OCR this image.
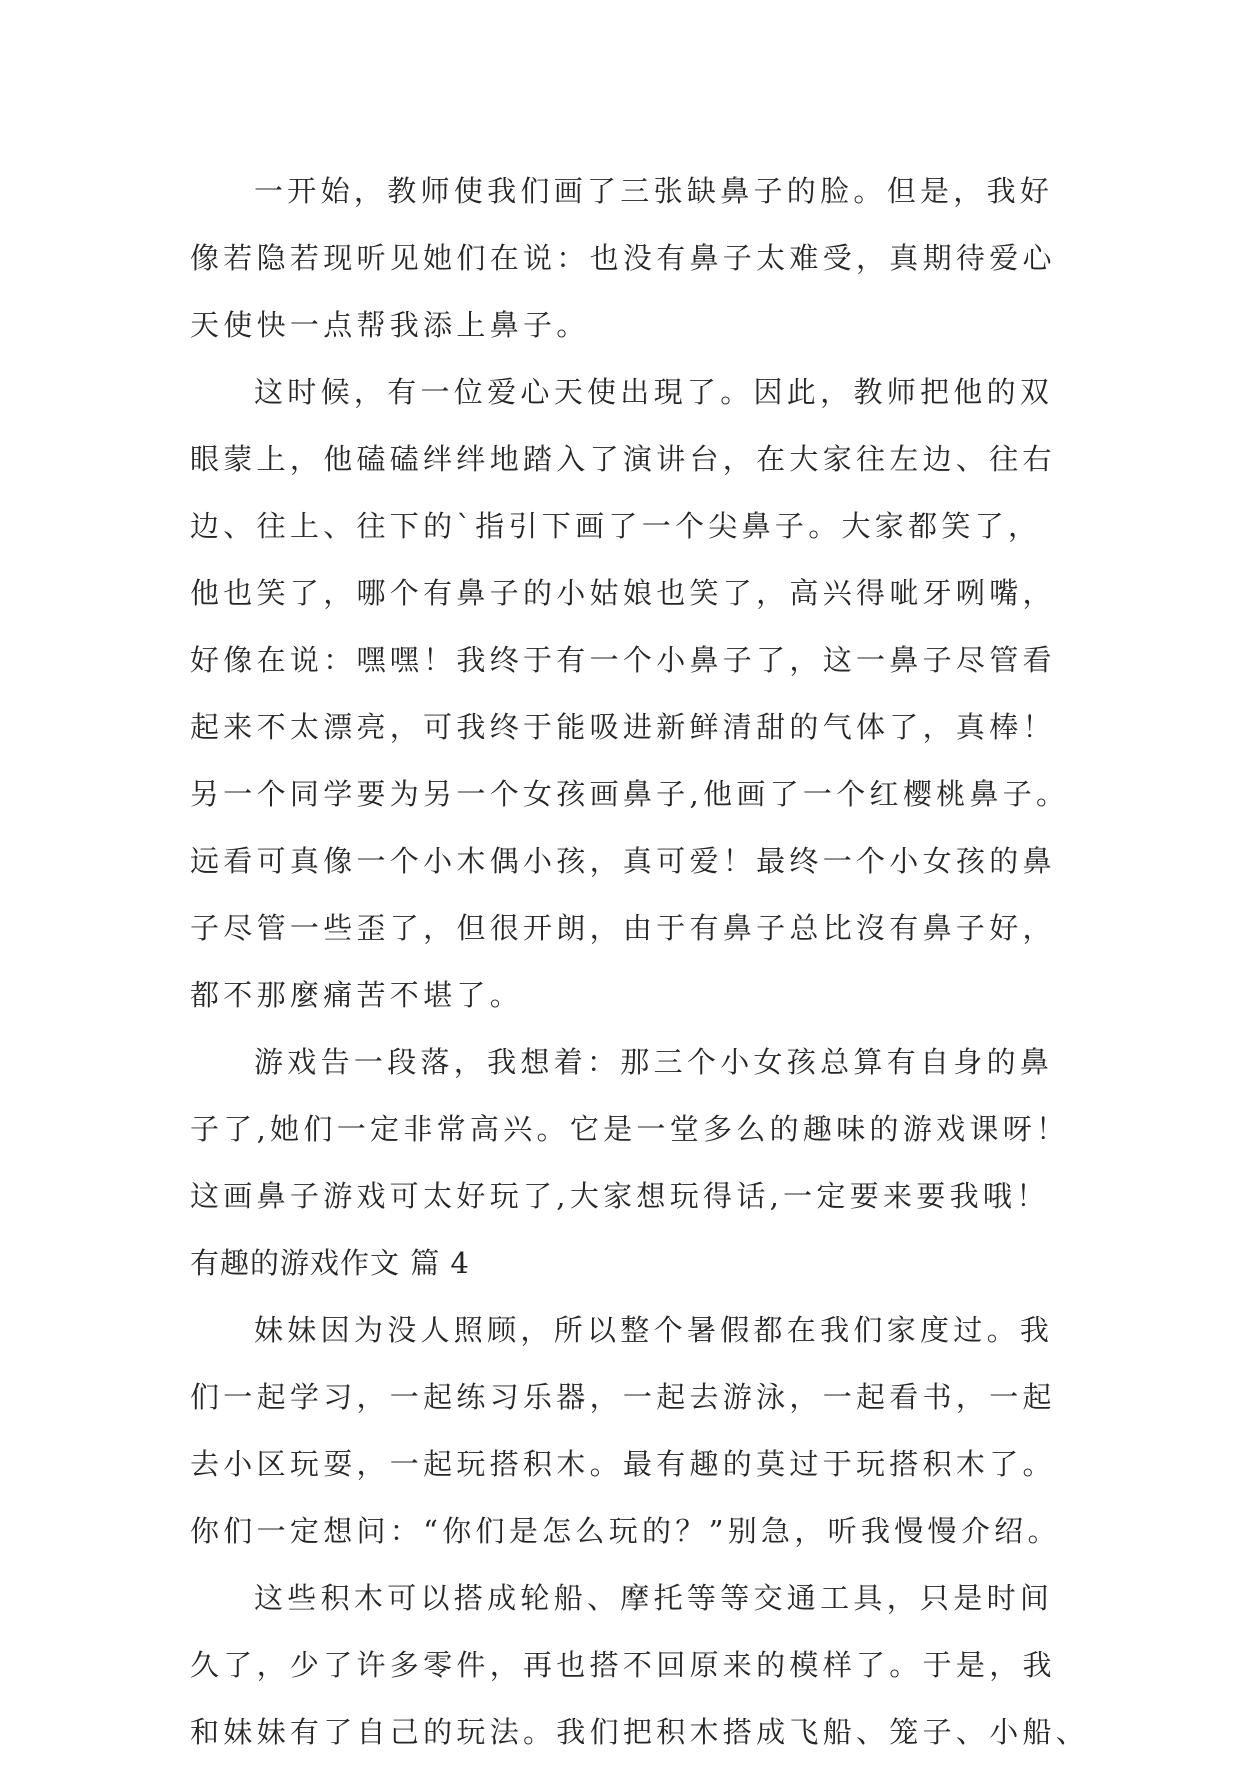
一开始，教师使我们画了三张缺鼻子的脸。但是，我好
像若隐若现听见她们在说：也没有鼻子太难受，真期待爱心
天使快一点帮我添上鼻子。
这时候，有一位爱心天使出現了。因此，教师把他的双
眼蒙上，他磕磕绊绊地踏入了演讲台，在大家往左边、往右
边、往上、往下的`指引下画了一个尖鼻子。大家都笑了，
他也笑了，哪个有鼻子的小姑娘也笑了，高兴得呲牙咧嘴，
好像在说：嘿嘿！我终于有一个小鼻子了，这一鼻子尽管看
起来不太漂亮，可我终于能吸进新鲜清甜的气体了，真棒！
另一个同学要为另一个女孩画鼻子,他画了一个红樱桃鼻子。
远看可真像一个小木偶小孩，真可爱！最终一个小女孩的鼻
子尽管一些歪了，但很开朗，由于有鼻子总比沒有鼻子好，
都不那麼痛苦不堪了。
游戏告一段落，我想着：那三个小女孩总算有自身的鼻
子了,她们一定非常高兴。它是一堂多么的趣味的游戏课呀！
这画鼻子游戏可太好玩了,大家想玩得话,一定要来要我哦！
有趣的游戏作文 篇 4
妹妹因为没人照顾，所以整个暑假都在我们家度过。我
们一起学习，一起练习乐器，一起去游泳，一起看书，一起
去小区玩耍，一起玩搭积木。最有趣的莫过于玩搭积木了。
你们一定想问：“你们是怎么玩的？”别急，听我慢慢介绍。
这些积木可以搭成轮船、摩托等等交通工具，只是时间
久了，少了许多零件，再也搭不回原来的模样了。于是，我
和妹妹有了自己的玩法。我们把积木搭成飞船、笼子、小船、
